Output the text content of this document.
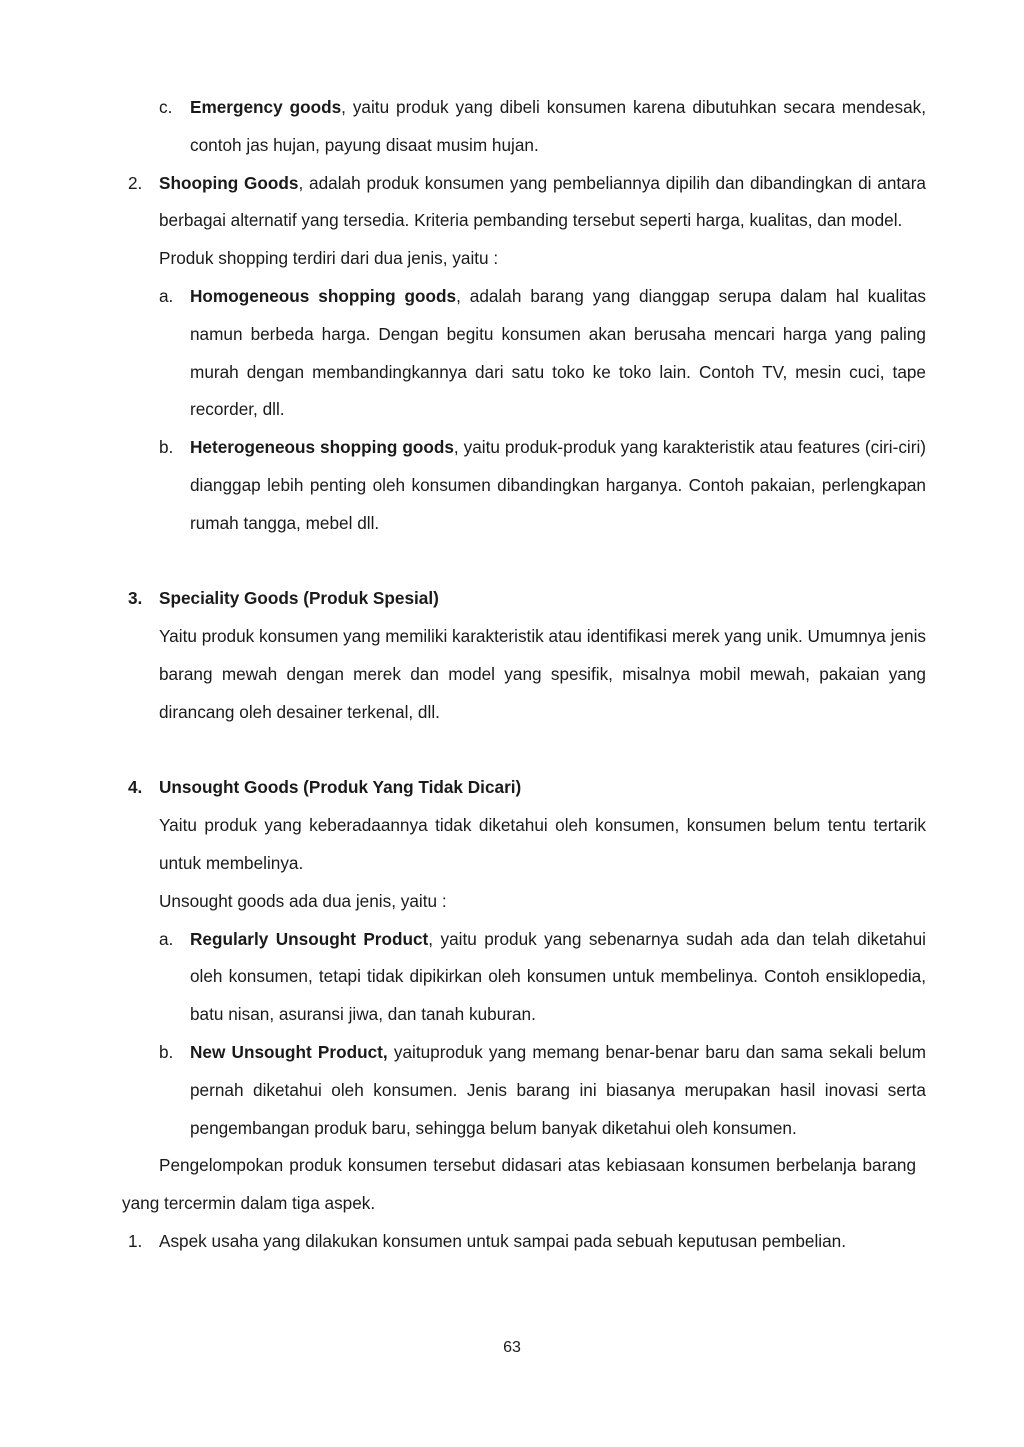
c. Emergency goods, yaitu produk yang dibeli konsumen karena dibutuhkan secara mendesak, contoh jas hujan, payung disaat musim hujan.
2. Shooping Goods, adalah produk konsumen yang pembeliannya dipilih dan dibandingkan di antara berbagai alternatif yang tersedia. Kriteria pembanding tersebut seperti harga, kualitas, dan model.
Produk shopping terdiri dari dua jenis, yaitu :
a. Homogeneous shopping goods, adalah barang yang dianggap serupa dalam hal kualitas namun berbeda harga. Dengan begitu konsumen akan berusaha mencari harga yang paling murah dengan membandingkannya dari satu toko ke toko lain. Contoh TV, mesin cuci, tape recorder, dll.
b. Heterogeneous shopping goods, yaitu produk-produk yang karakteristik atau features (ciri-ciri) dianggap lebih penting oleh konsumen dibandingkan harganya. Contoh pakaian, perlengkapan rumah tangga, mebel dll.
3. Speciality Goods (Produk Spesial)
Yaitu produk konsumen yang memiliki karakteristik atau identifikasi merek yang unik. Umumnya jenis barang mewah dengan merek dan model yang spesifik, misalnya mobil mewah, pakaian yang dirancang oleh desainer terkenal, dll.
4. Unsought Goods (Produk Yang Tidak Dicari)
Yaitu produk yang keberadaannya tidak diketahui oleh konsumen, konsumen belum tentu tertarik untuk membelinya.
Unsought goods ada dua jenis, yaitu :
a. Regularly Unsought Product, yaitu produk yang sebenarnya sudah ada dan telah diketahui oleh konsumen, tetapi tidak dipikirkan oleh konsumen untuk membelinya. Contoh ensiklopedia, batu nisan, asuransi jiwa, dan tanah kuburan.
b. New Unsought Product, yaituproduk yang memang benar-benar baru dan sama sekali belum pernah diketahui oleh konsumen. Jenis barang ini biasanya merupakan hasil inovasi serta pengembangan produk baru, sehingga belum banyak diketahui oleh konsumen.
Pengelompokan produk konsumen tersebut didasari atas kebiasaan konsumen berbelanja barang yang tercermin dalam tiga aspek.
1. Aspek usaha yang dilakukan konsumen untuk sampai pada sebuah keputusan pembelian.
63
